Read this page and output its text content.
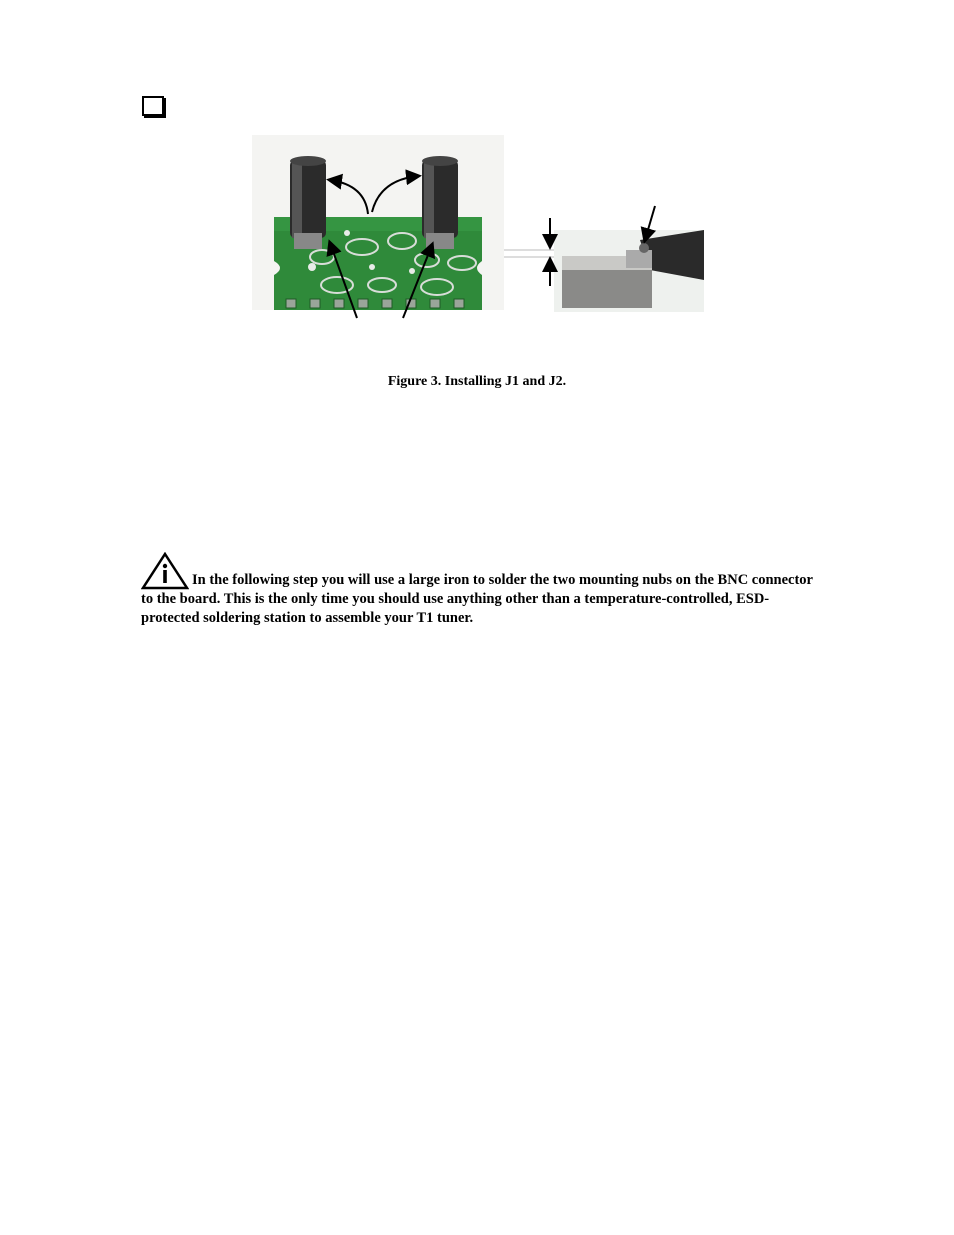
Figure 3. Installing J1 and J2.

In the following step you will use a large iron to solder the two mounting nubs on the BNC connector to the board. This is the only time you should use anything other than a temperature-controlled, ESD-protected soldering station to assemble your T1 tuner.
